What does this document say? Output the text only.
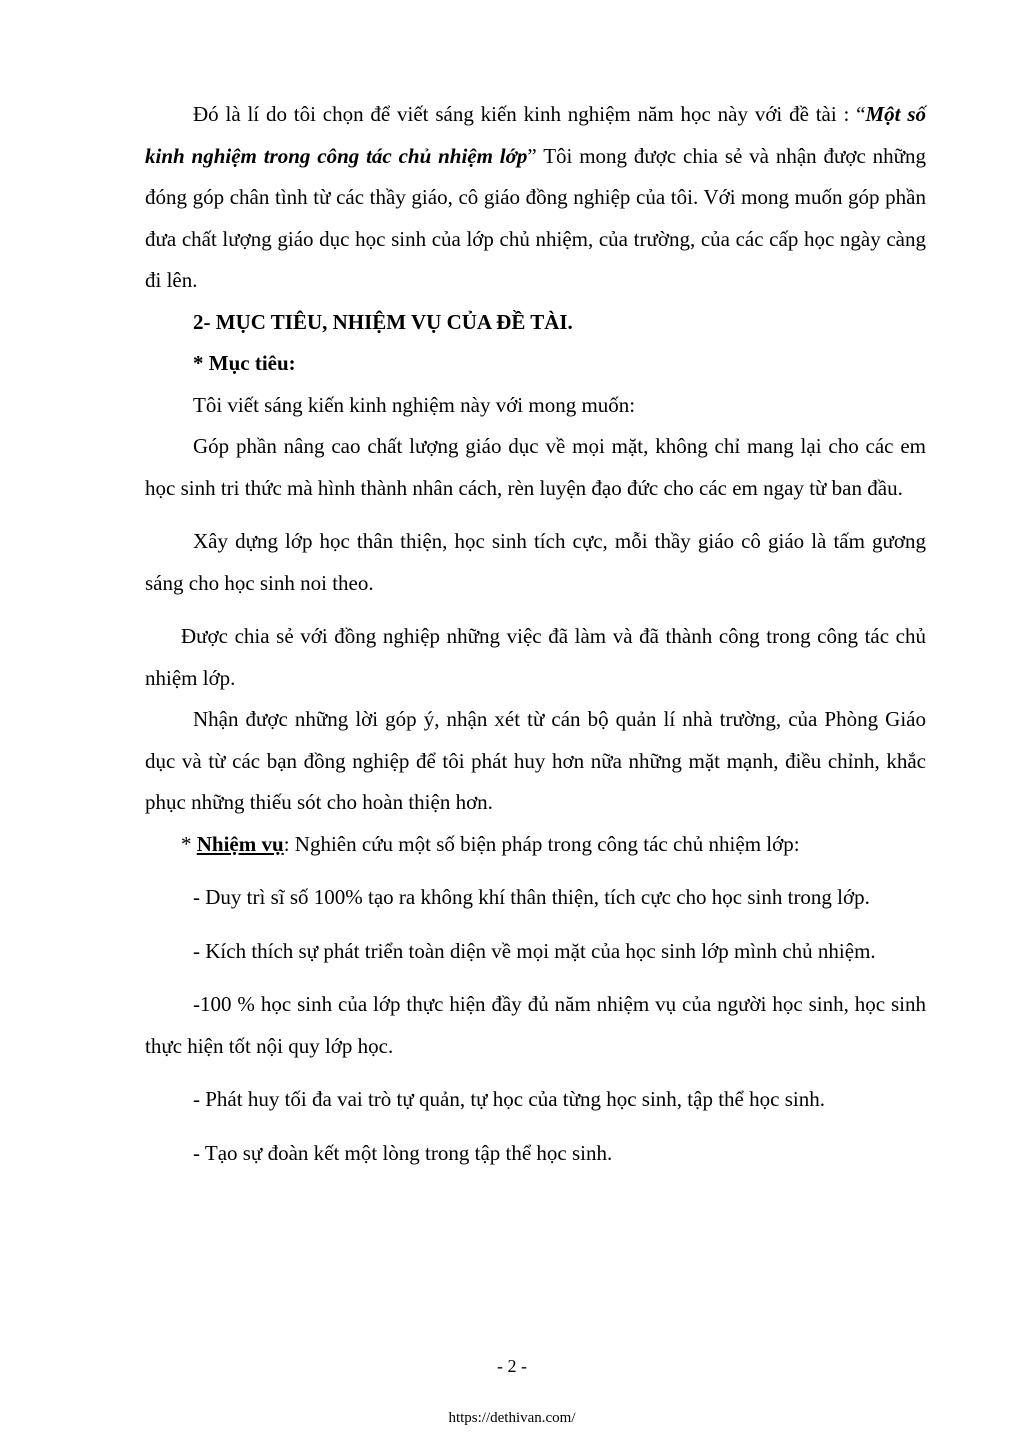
Đó là lí do tôi chọn để viết sáng kiến kinh nghiệm năm học này với đề tài : “Một số kinh nghiệm trong công tác chủ nhiệm lớp” Tôi mong được chia sẻ và nhận được những đóng góp chân tình từ các thầy giáo, cô giáo đồng nghiệp của tôi. Với mong muốn góp phần đưa chất lượng giáo dục học sinh của lớp chủ nhiệm, của trường, của các cấp học ngày càng đi lên.

2- MỤC TIÊU, NHIỆM VỤ CỦA ĐỀ TÀI.

* Mục tiêu:

Tôi viết sáng kiến kinh nghiệm này với mong muốn:

Góp phần nâng cao chất lượng giáo dục về mọi mặt, không chỉ mang lại cho các em học sinh tri thức mà hình thành nhân cách, rèn luyện đạo đức cho các em ngay từ ban đầu.

Xây dựng lớp học thân thiện, học sinh tích cực, mỗi thầy giáo cô giáo là tấm gương sáng cho học sinh noi theo.

Được chia sẻ với đồng nghiệp những việc đã làm và đã thành công trong công tác chủ nhiệm lớp.

Nhận được những lời góp ý, nhận xét từ cán bộ quản lí nhà trường, của Phòng Giáo dục và từ các bạn đồng nghiệp để tôi phát huy hơn nữa những mặt mạnh, điều chỉnh, khắc phục những thiếu sót cho hoàn thiện hơn.

* Nhiệm vụ: Nghiên cứu một số biện pháp trong công tác chủ nhiệm lớp:

- Duy trì sĩ số 100% tạo ra không khí thân thiện, tích cực cho học sinh trong lớp.

- Kích thích sự phát triển toàn diện về mọi mặt của học sinh lớp mình chủ nhiệm.

-100 % học sinh của lớp thực hiện đầy đủ năm nhiệm vụ của người học sinh, học sinh thực hiện tốt nội quy lớp học.

- Phát huy tối đa vai trò tự quản, tự học của từng học sinh, tập thể học sinh.

- Tạo sự đoàn kết một lòng trong tập thể học sinh.

- 2 -
https://dethivan.com/
